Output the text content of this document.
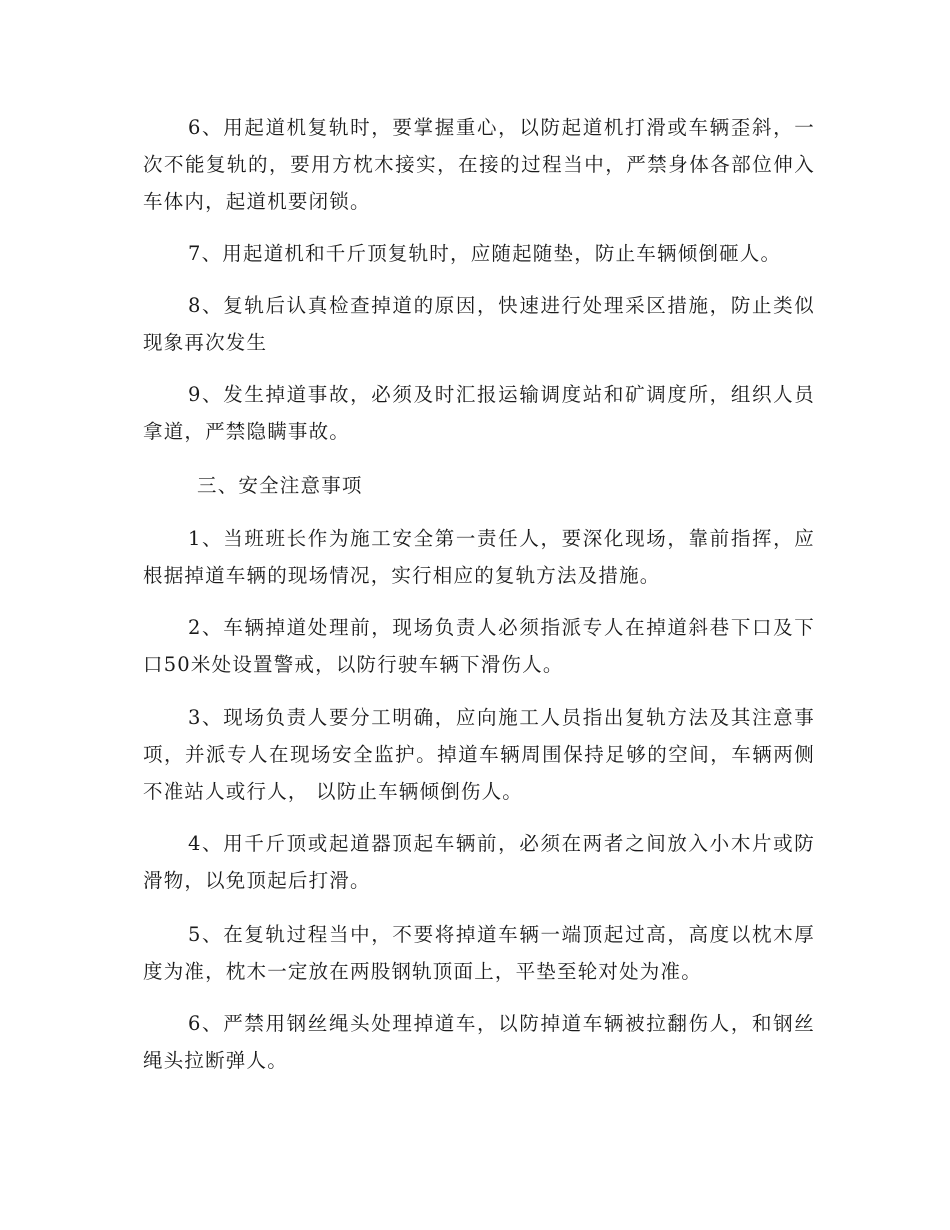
6、用起道机复轨时，要掌握重心，以防起道机打滑或车辆歪斜，一次不能复轨的，要用方枕木接实，在接的过程当中，严禁身体各部位伸入车体内，起道机要闭锁。

7、用起道机和千斤顶复轨时，应随起随垫，防止车辆倾倒砸人。

8、复轨后认真检查掉道的原因，快速进行处理采区措施，防止类似现象再次发生

9、发生掉道事故，必须及时汇报运输调度站和矿调度所，组织人员拿道，严禁隐瞒事故。

三、安全注意事项

1、当班班长作为施工安全第一责任人，要深化现场，靠前指挥，应根据掉道车辆的现场情况，实行相应的复轨方法及措施。

2、车辆掉道处理前，现场负责人必须指派专人在掉道斜巷下口及下口50米处设置警戒，以防行驶车辆下滑伤人。

3、现场负责人要分工明确，应向施工人员指出复轨方法及其注意事项，并派专人在现场安全监护。掉道车辆周围保持足够的空间，车辆两侧不准站人或行人， 以防止车辆倾倒伤人。

4、用千斤顶或起道器顶起车辆前，必须在两者之间放入小木片或防滑物，以免顶起后打滑。

5、在复轨过程当中，不要将掉道车辆一端顶起过高，高度以枕木厚度为准，枕木一定放在两股钢轨顶面上，平垫至轮对处为准。

6、严禁用钢丝绳头处理掉道车，以防掉道车辆被拉翻伤人，和钢丝绳头拉断弹人。
